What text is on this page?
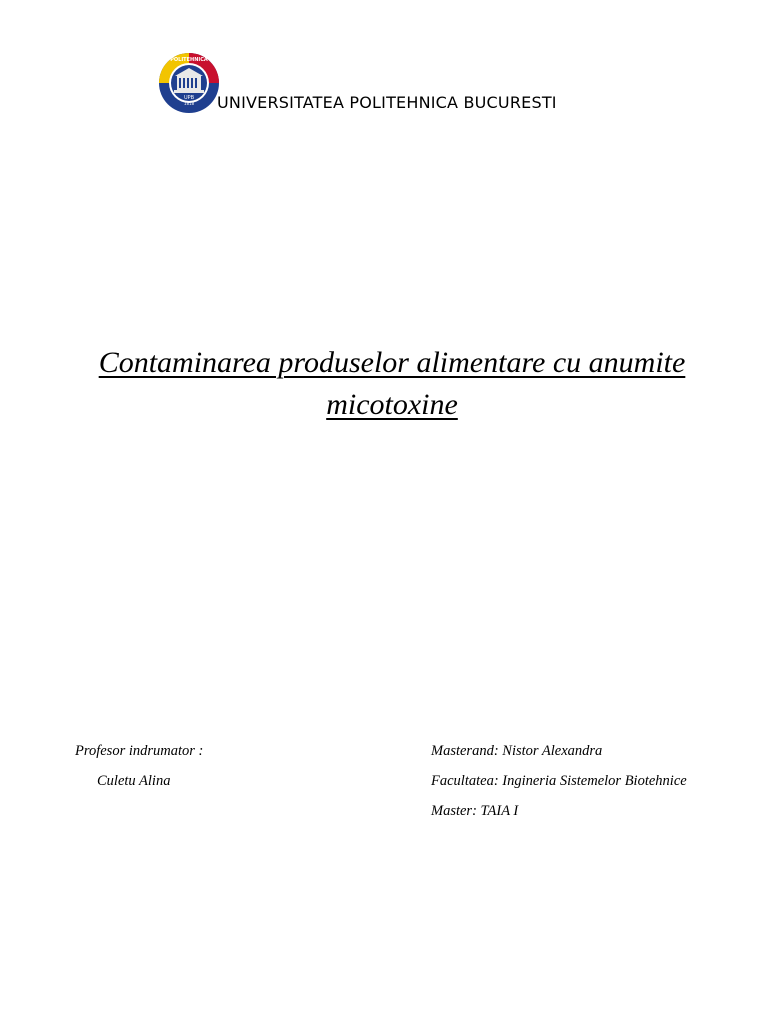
UPB
1818
POLITEHNICA
UNIVERSITATEA POLITEHNICA BUCURESTI
Contaminarea produselor alimentare cu anumite micotoxine
Profesor indrumator :
Culetu Alina
Masterand: Nistor Alexandra
Facultatea: Ingineria Sistemelor Biotehnice
Master: TAIA I
